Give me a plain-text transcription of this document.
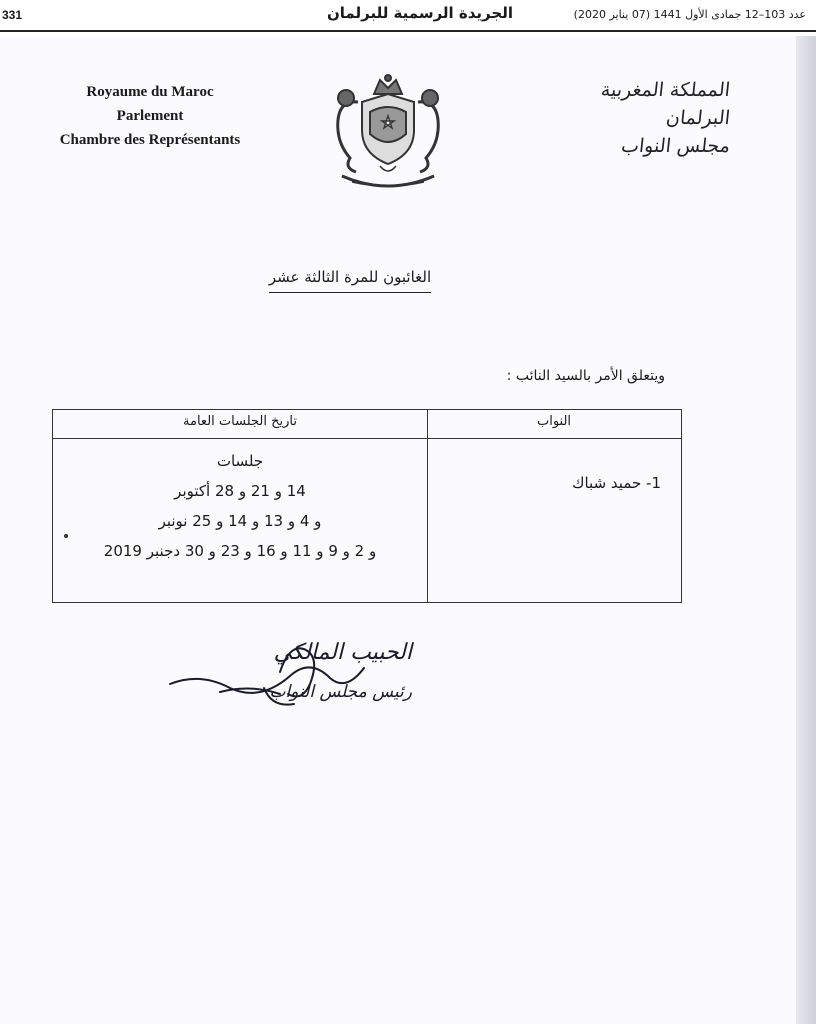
331	الجريدة الرسمية للبرلمان	عدد 103–12 جمادى الأول 1441 (07 يناير 2020)
Royaume du Maroc
Parlement
Chambre des Représentants
المملكة المغربية
البرلمان
مجلس النواب
الغائبون للمرة الثالثة عشر
ويتعلق الأمر بالسيد النائب :
النواب
تاريخ الجلسات العامة
1- حميد شباك
جلسات
14 و 21 و 28 أكتوبر
و 4 و 13 و 14 و 25 نونبر
و 2 و 9 و 11 و 16 و 23 و 30 دجنبر 2019
الحبيب المالكي
رئيس مجلس النواب
